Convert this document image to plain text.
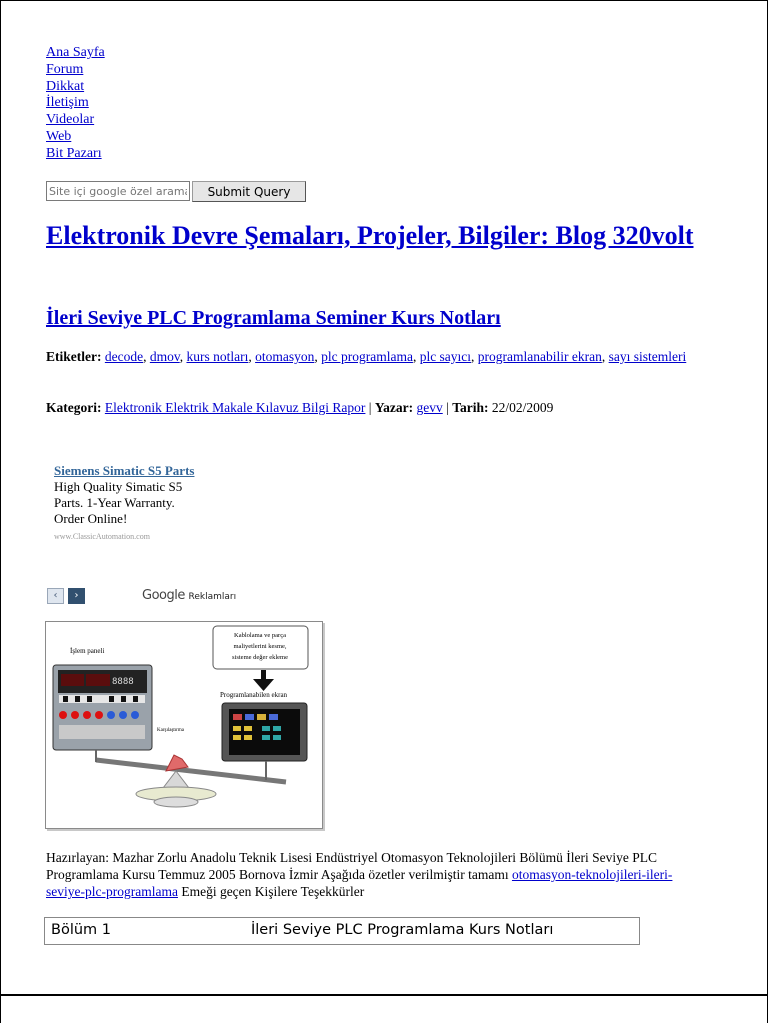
Ana Sayfa
Forum
Dikkat
İletişim
Videolar
Web
Bit Pazarı
Site içi google özel arama
Submit Query
Elektronik Devre Şemaları, Projeler, Bilgiler: Blog 320volt
İleri Seviye PLC Programlama Seminer Kurs Notları
Etiketler: decode, dmov, kurs notları, otomasyon, plc programlama, plc sayıcı, programlanabilir ekran, sayı sistemleri
Kategori: Elektronik Elektrik Makale Kılavuz Bilgi Rapor | Yazar: gevv | Tarih: 22/02/2009
Siemens Simatic S5 Parts
High Quality Simatic S5
Parts. 1-Year Warranty.
Order Online!
www.ClassicAutomation.com
‹	›	Google Reklamları
Kablolama ve parça
maliyetlerini kesme,
sisteme değer ekleme
İşlem paneli
Programlanabilen ekran
Karşılaştırma
8888
Hazırlayan: Mazhar Zorlu Anadolu Teknik Lisesi Endüstriyel Otomasyon Teknolojileri Bölümü İleri Seviye PLC Programlama Kursu Temmuz 2005 Bornova İzmir Aşağıda özetler verilmiştir tamamı otomasyon-teknolojileri-ileri-seviye-plc-programlama Emeği geçen Kişilere Teşekkürler
Bölüm 1	İleri Seviye PLC Programlama Kurs Notları
